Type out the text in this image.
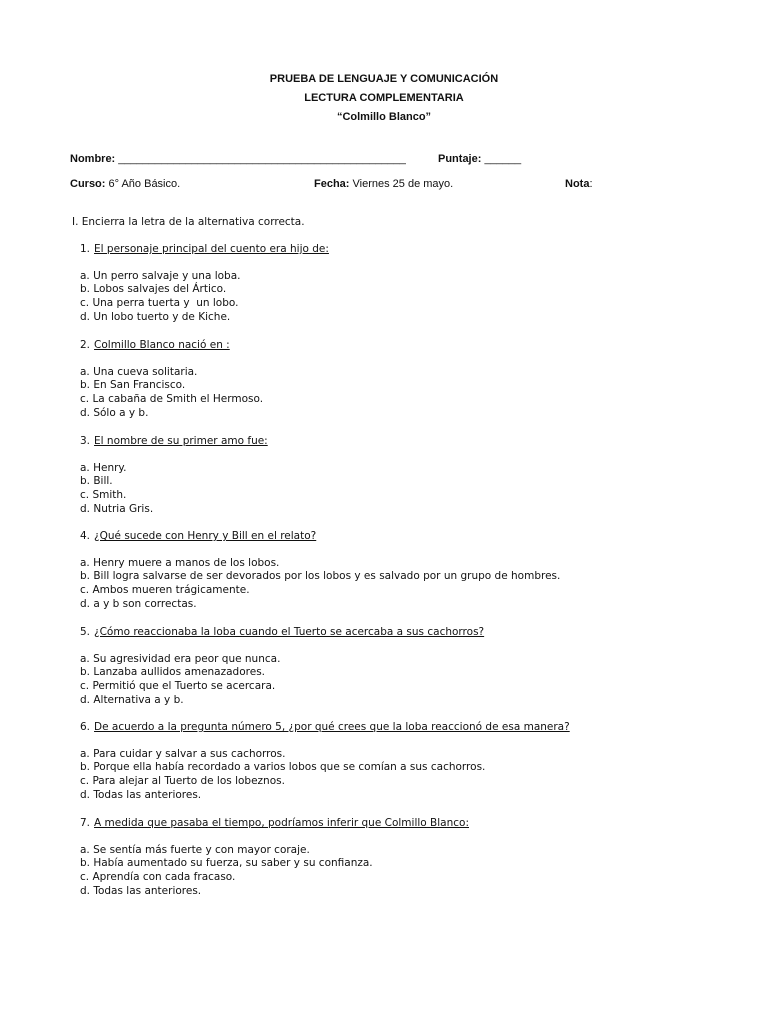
PRUEBA DE LENGUAJE Y COMUNICACIÓN
LECTURA COMPLEMENTARIA
“Colmillo Blanco”
Nombre: _______________________________________________	Puntaje: ______
Curso: 6° Año Básico.	Fecha: Viernes 25 de mayo.	Nota:
I. Encierra la letra de la alternativa correcta.
1. El personaje principal del cuento era hijo de:
a. Un perro salvaje y una loba.
b. Lobos salvajes del Ártico.
c. Una perra tuerta y  un lobo.
d. Un lobo tuerto y de Kiche.
2. Colmillo Blanco nació en :
a. Una cueva solitaria.
b. En San Francisco.
c. La cabaña de Smith el Hermoso.
d. Sólo a y b.
3. El nombre de su primer amo fue:
a. Henry.
b. Bill.
c. Smith.
d. Nutria Gris.
4. ¿Qué sucede con Henry y Bill en el relato?
a. Henry muere a manos de los lobos.
b. Bill logra salvarse de ser devorados por los lobos y es salvado por un grupo de hombres.
c. Ambos mueren trágicamente.
d. a y b son correctas.
5. ¿Cómo reaccionaba la loba cuando el Tuerto se acercaba a sus cachorros?
a. Su agresividad era peor que nunca.
b. Lanzaba aullidos amenazadores.
c. Permitió que el Tuerto se acercara.
d. Alternativa a y b.
6. De acuerdo a la pregunta número 5, ¿por qué crees que la loba reaccionó de esa manera?
a. Para cuidar y salvar a sus cachorros.
b. Porque ella había recordado a varios lobos que se comían a sus cachorros.
c. Para alejar al Tuerto de los lobeznos.
d. Todas las anteriores.
7. A medida que pasaba el tiempo, podríamos inferir que Colmillo Blanco:
a. Se sentía más fuerte y con mayor coraje.
b. Había aumentado su fuerza, su saber y su confianza.
c. Aprendía con cada fracaso.
d. Todas las anteriores.
